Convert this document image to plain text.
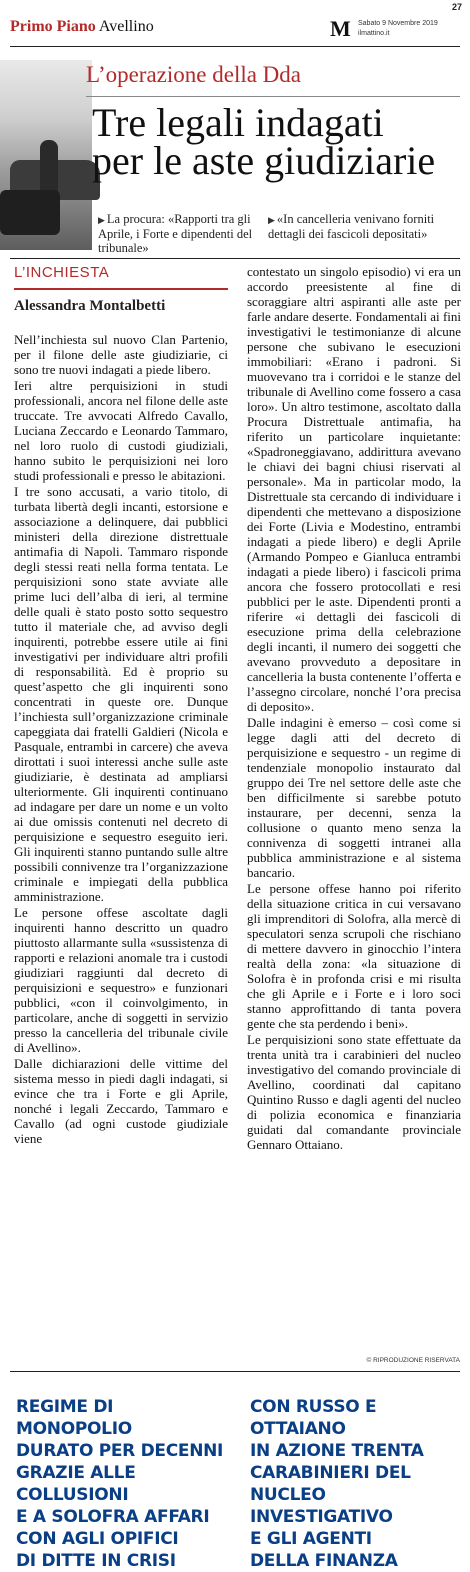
27
Primo Piano Avellino	M Sabato 9 Novembre 2019
ilmattino.it
L’operazione della Dda
Tre legali indagati
per le aste giudiziarie
▶ La procura: «Rapporti tra gli Aprile, i Forte e dipendenti del tribunale»
▶ «In cancelleria venivano forniti dettagli dei fascicoli depositati»
L’INCHIESTA
Alessandra Montalbetti

Nell’inchiesta sul nuovo Clan Partenio, per il filone delle aste giudiziarie, ci sono tre nuovi indagati a piede libero.

Ieri altre perquisizioni in studi professionali, ancora nel filone delle aste truccate. Tre avvocati Alfredo Cavallo, Luciana Zeccardo e Leonardo Tammaro, nel loro ruolo di custodi giudiziali, hanno subito le perquisizioni nei loro studi professionali e presso le abitazioni.

I tre sono accusati, a vario titolo, di turbata libertà degli incanti, estorsione e associazione a delinquere, dai pubblici ministeri della direzione distrettuale antimafia di Napoli. Tammaro risponde degli stessi reati nella forma tentata. Le perquisizioni sono state avviate alle prime luci dell’alba di ieri, al termine delle quali è stato posto sotto sequestro tutto il materiale che, ad avviso degli inquirenti, potrebbe essere utile ai fini investigativi per individuare altri profili di responsabilità. Ed è proprio su quest’aspetto che gli inquirenti sono concentrati in queste ore. Dunque l’inchiesta sull’organizzazione criminale capeggiata dai fratelli Galdieri (Nicola e Pasquale, entrambi in carcere) che aveva dirottati i suoi interessi anche sulle aste giudiziarie, è destinata ad ampliarsi ulteriormente. Gli inquirenti continuano ad indagare per dare un nome e un volto ai due omissis contenuti nel decreto di perquisizione e sequestro eseguito ieri. Gli inquirenti stanno puntando sulle altre possibili connivenze tra l’organizzazione criminale e impiegati della pubblica amministrazione.

Le persone offese ascoltate dagli inquirenti hanno descritto un quadro piuttosto allarmante sulla «sussistenza di rapporti e relazioni anomale tra i custodi giudiziari raggiunti dal decreto di perquisizioni e sequestro» e funzionari pubblici, «con il coinvolgimento, in particolare, anche di soggetti in servizio presso la cancelleria del tribunale civile di Avellino».

Dalle dichiarazioni delle vittime del sistema messo in piedi dagli indagati, si evince che tra i Forte e gli Aprile, nonché i legali Zeccardo, Tammaro e Cavallo (ad ogni custode giudiziale viene

contestato un singolo episodio) vi era un accordo preesistente al fine di scoraggiare altri aspiranti alle aste per farle andare deserte. Fondamentali ai fini investigativi le testimonianze di alcune persone che subivano le esecuzioni immobiliari: «Erano i padroni. Si muovevano tra i corridoi e le stanze del tribunale di Avellino come fossero a casa loro». Un altro testimone, ascoltato dalla Procura Distrettuale antimafia, ha riferito un particolare inquietante: «Spadroneggiavano, addirittura avevano le chiavi dei bagni chiusi riservati al personale». Ma in particolar modo, la Distrettuale sta cercando di individuare i dipendenti che mettevano a disposizione dei Forte (Livia e Modestino, entrambi indagati a piede libero) e degli Aprile (Armando Pompeo e Gianluca entrambi indagati a piede libero) i fascicoli prima ancora che fossero protocollati e resi pubblici per le aste. Dipendenti pronti a riferire «i dettagli dei fascicoli di esecuzione prima della celebrazione degli incanti, il numero dei soggetti che avevano provveduto a depositare in cancelleria la busta contenente l’offerta e l’assegno circolare, nonché l’ora precisa di deposito».

Dalle indagini è emerso – così come si legge dagli atti del decreto di perquisizione e sequestro - un regime di tendenziale monopolio instaurato dal gruppo dei Tre nel settore delle aste che ben difficilmente si sarebbe potuto instaurare, per decenni, senza la collusione o quanto meno senza la connivenza di soggetti intranei alla pubblica amministrazione e al sistema bancario.

Le persone offese hanno poi riferito della situazione critica in cui versavano gli imprenditori di Solofra, alla mercè di speculatori senza scrupoli che rischiano di mettere davvero in ginocchio l’intera realtà della zona: «la situazione di Solofra è in profonda crisi e mi risulta che gli Aprile e i Forte e i loro soci stanno approfittando di tanta povera gente che sta perdendo i beni».

Le perquisizioni sono state effettuate da trenta unità tra i carabinieri del nucleo investigativo del comando provinciale di Avellino, coordinati dal capitano Quintino Russo e dagli agenti del nucleo di polizia economica e finanziaria guidati dal comandante provinciale Gennaro Ottaiano.

© RIPRODUZIONE RISERVATA
REGIME DI MONOPOLIO
DURATO PER DECENNI
GRAZIE ALLE COLLUSIONI
E A SOLOFRA AFFARI
CON AGLI OPIFICI
DI DITTE IN CRISI
CON RUSSO E OTTAIANO
IN AZIONE TRENTA
CARABINIERI DEL NUCLEO
INVESTIGATIVO
E GLI AGENTI
DELLA FINANZA
